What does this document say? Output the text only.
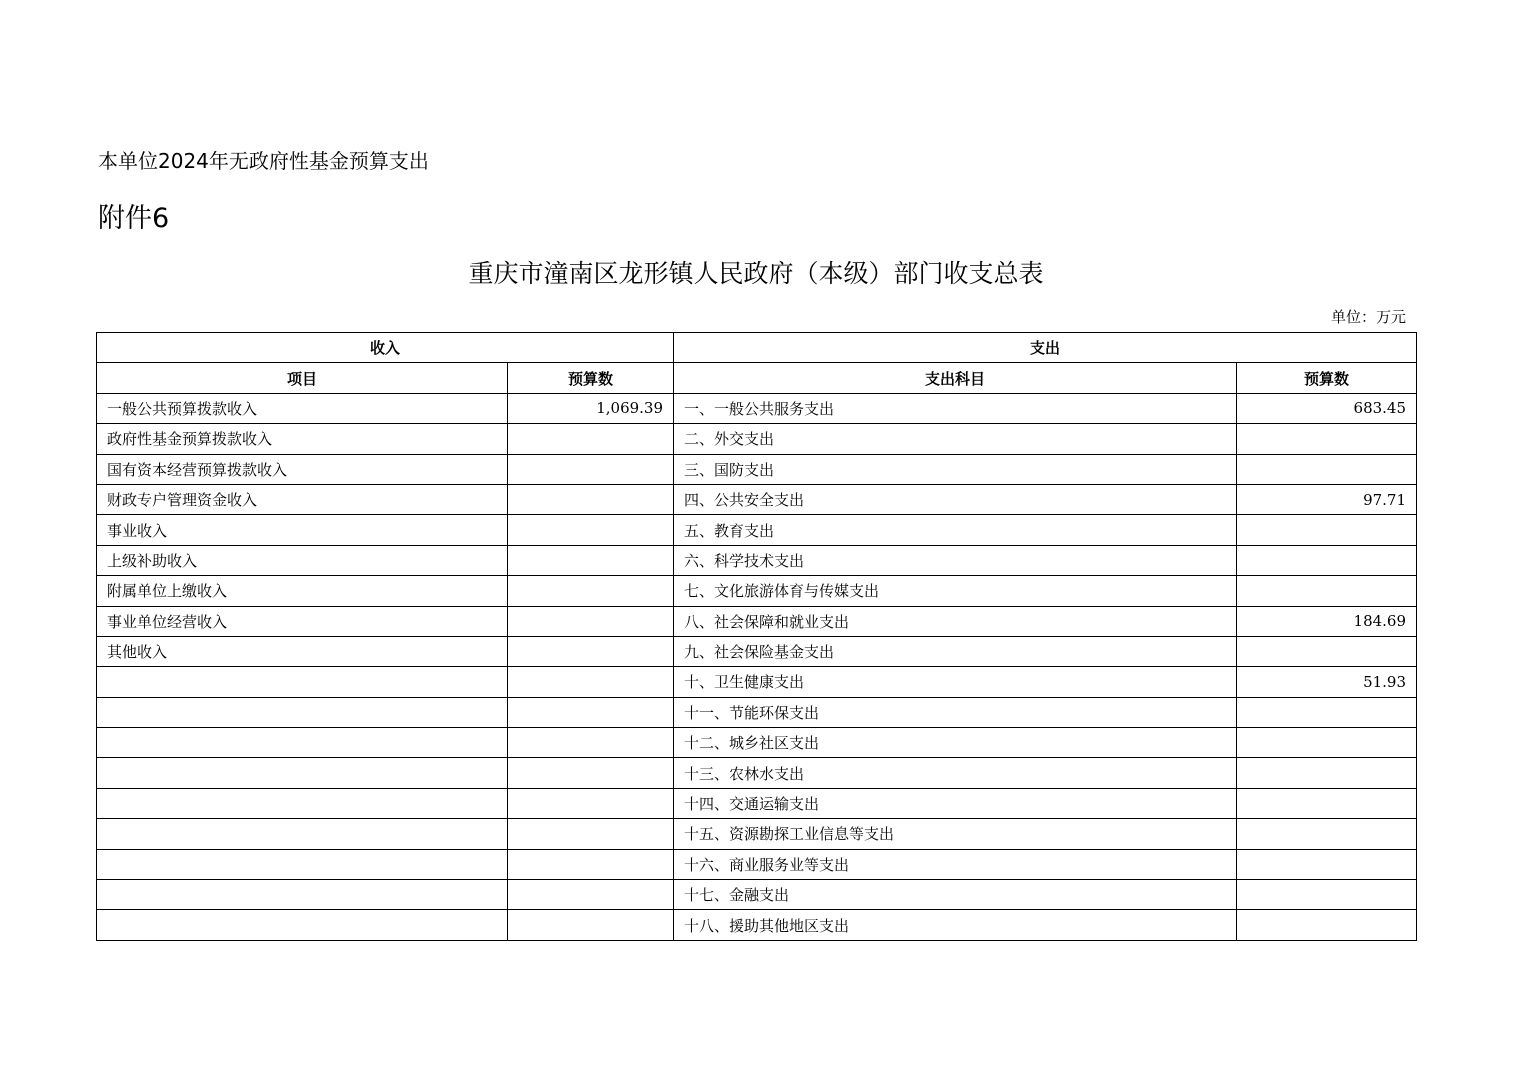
本单位2024年无政府性基金预算支出
附件6
重庆市潼南区龙形镇人民政府（本级）部门收支总表
单位：万元
收入		支出	
项目	预算数	支出科目	预算数
一般公共预算拨款收入	1,069.39	一、一般公共服务支出	683.45
政府性基金预算拨款收入		二、外交支出	
国有资本经营预算拨款收入		三、国防支出	
财政专户管理资金收入		四、公共安全支出	97.71
事业收入		五、教育支出	
上级补助收入		六、科学技术支出	
附属单位上缴收入		七、文化旅游体育与传媒支出	
事业单位经营收入		八、社会保障和就业支出	184.69
其他收入		九、社会保险基金支出	
		十、卫生健康支出	51.93
		十一、节能环保支出	
		十二、城乡社区支出	
		十三、农林水支出	
		十四、交通运输支出	
		十五、资源勘探工业信息等支出	
		十六、商业服务业等支出	
		十七、金融支出	
		十八、援助其他地区支出	
